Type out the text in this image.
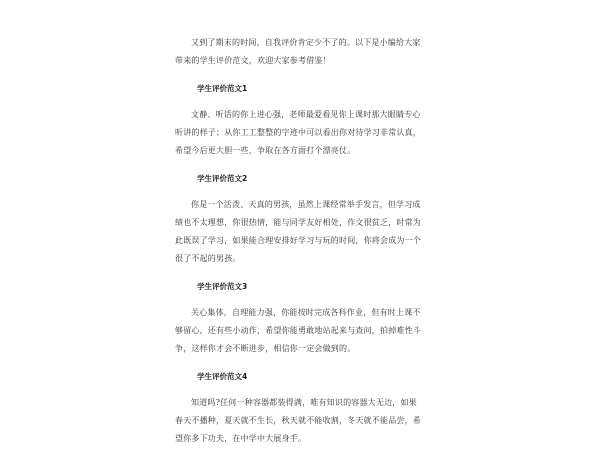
又到了期末的时间，自我评价肯定少不了的。以下是小编给大家带来的学生评价范文，欢迎大家参考借鉴！

学生评价范文1

文静、听话的你上进心强，老师最爱看见你上课时那大眼睛专心听讲的样子；从你工工整整的字迹中可以看出你对待学习非常认真，希望今后更大胆一些，争取在各方面打个漂亮仗。

学生评价范文2

你是一个活泼、天真的男孩，虽然上课经常举手发言，但学习成绩也不太理想，你很热情，能与同学友好相处，作文很贫乏，时常为此既误了学习，如果能合理安排好学习与玩的时间，你将会成为一个很了不起的男孩。

学生评价范文3

关心集体，自理能力强，你能按时完成各科作业，但有时上课不够留心，还有些小动作，希望你能勇敢地站起来与查问，拍掉难性斗争，这样你才会不断进步，相信你一定会做到的。

学生评价范文4

知道吗?任何一种容器都装得满，唯有知识的容器大无边，如果春天不播种，夏天就不生长，秋天就不能收割，冬天就不能品尝，希望你多下功夫，在中学中大展身手。
